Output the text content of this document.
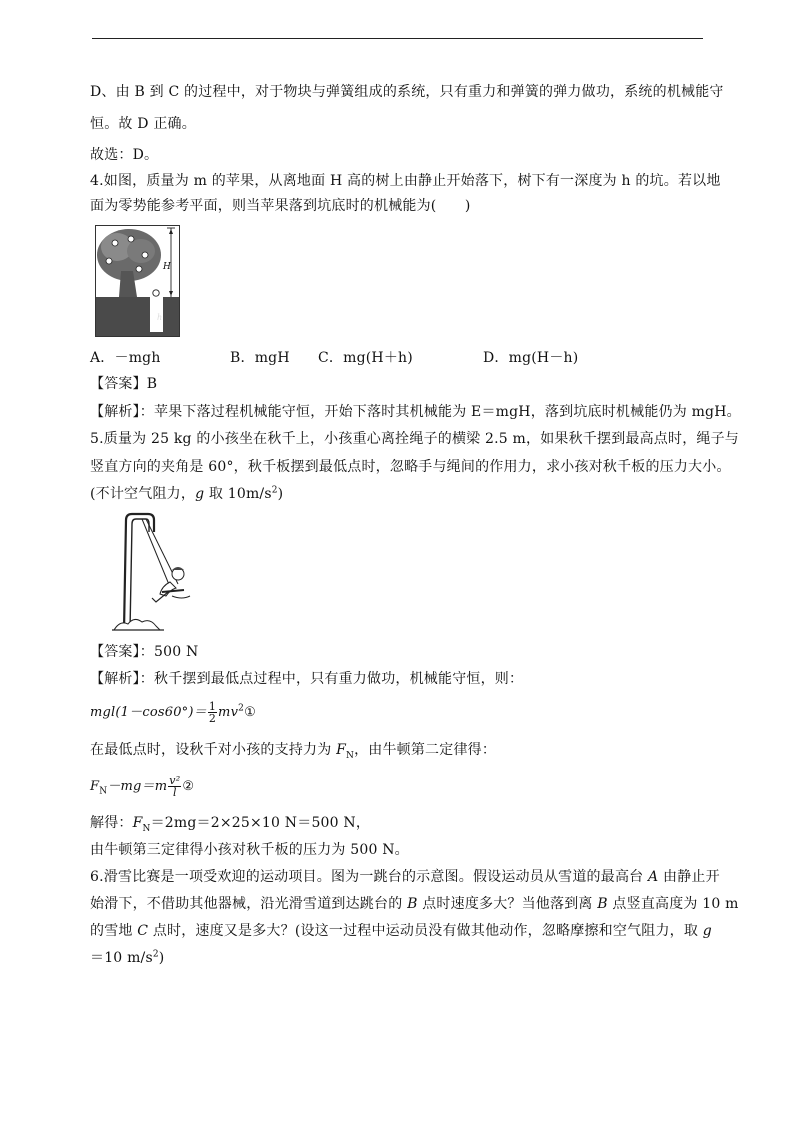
D、由 B 到 C 的过程中，对于物块与弹簧组成的系统，只有重力和弹簧的弹力做功，系统的机械能守
恒。故 D 正确。
故选：D。
4.如图，质量为 m 的苹果，从离地面 H 高的树上由静止开始落下，树下有一深度为 h 的坑。若以地
面为零势能参考平面，则当苹果落到坑底时的机械能为(　　)
H
h
A．－mgh	B．mgH C．mg(H＋h)	D．mg(H－h)
【答案】B
【解析】：苹果下落过程机械能守恒，开始下落时其机械能为 E＝mgH，落到坑底时机械能仍为 mgH。
5.质量为 25 kg 的小孩坐在秋千上，小孩重心离拴绳子的横梁 2.5 m，如果秋千摆到最高点时，绳子与
竖直方向的夹角是 60°，秋千板摆到最低点时，忽略手与绳间的作用力，求小孩对秋千板的压力大小。
(不计空气阻力，g 取 $10m/s^2$)
【答案】：500 N
【解析】：秋千摆到最低点过程中，只有重力做功，机械能守恒，则：
$mgl(1-\cos 60^\circ)= \frac{1}{2}$ $mv^2①$
在最低点时，设秋千对小孩的支持力为 $F_N$，由牛顿第二定律得：
$F_N-mg=m \frac{\text{v²}}{l}$ ②
解得：$F_N=2mg=2\times 25\times 10$ N＝500 N，
由牛顿第三定律得小孩对秋千板的压力为 500 N。
6.滑雪比赛是一项受欢迎的运动项目。图为一跳台的示意图。假设运动员从雪道的最高台 A 由静止开
始滑下，不借助其他器械，沿光滑雪道到达跳台的 B 点时速度多大？当他落到离 B 点竖直高度为 10 m
的雪地 C 点时，速度又是多大？(设这一过程中运动员没有做其他动作，忽略摩擦和空气阻力，取 g
＝10 $m/s^2$)
